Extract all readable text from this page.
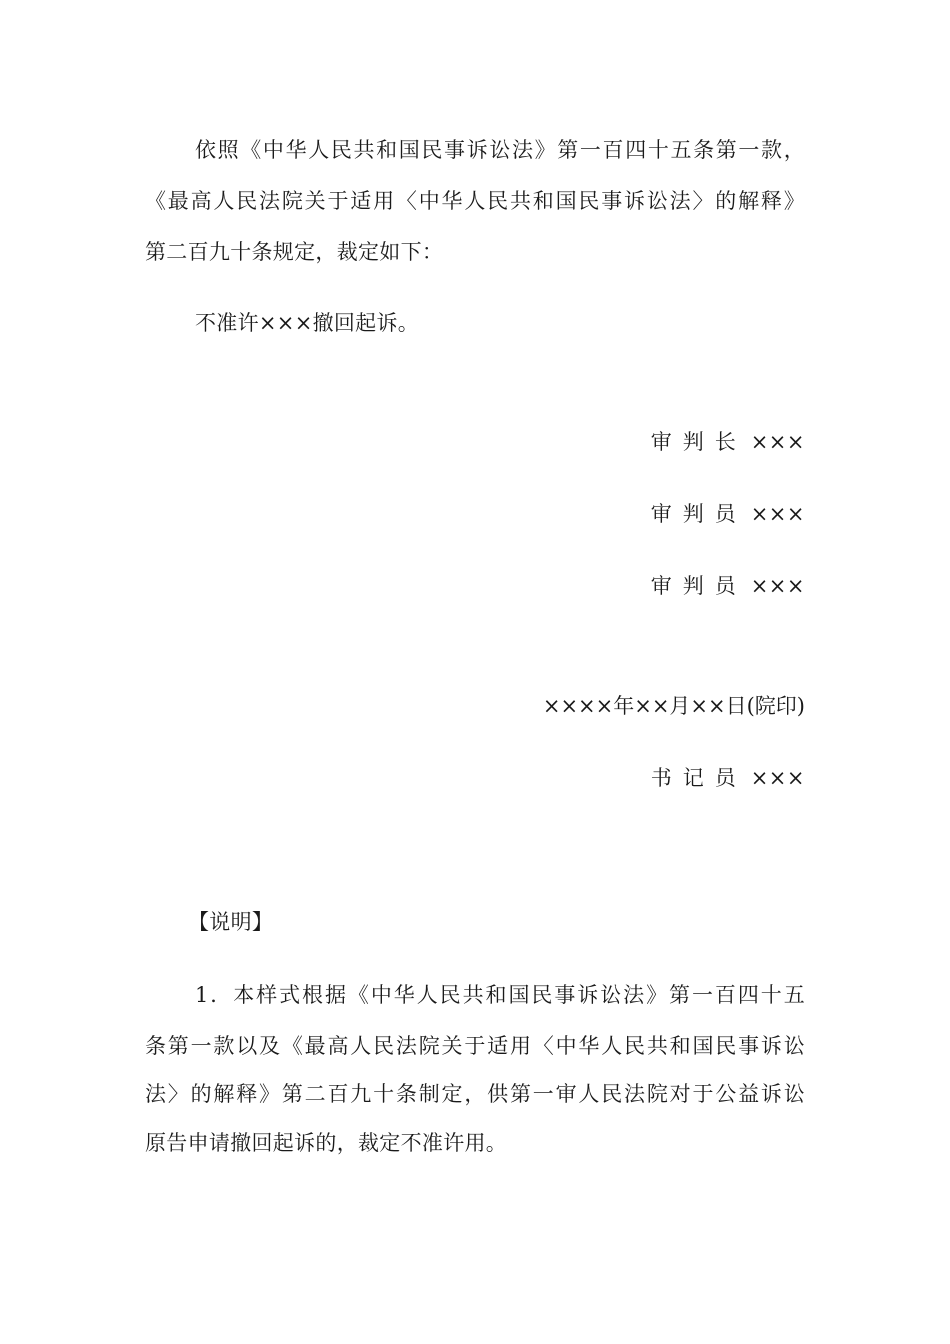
依照《中华人民共和国民事诉讼法》第一百四十五条第一款，
《最高人民法院关于适用〈中华人民共和国民事诉讼法〉的解释》
第二百九十条规定，裁定如下：
不准许×××撤回起诉。
审判长 ×××
审判员 ×××
审判员 ×××
××××年××月××日(院印)
书记员 ×××
【说明】
1．本样式根据《中华人民共和国民事诉讼法》第一百四十五
条第一款以及《最高人民法院关于适用〈中华人民共和国民事诉讼
法〉的解释》第二百九十条制定，供第一审人民法院对于公益诉讼
原告申请撤回起诉的，裁定不准许用。
